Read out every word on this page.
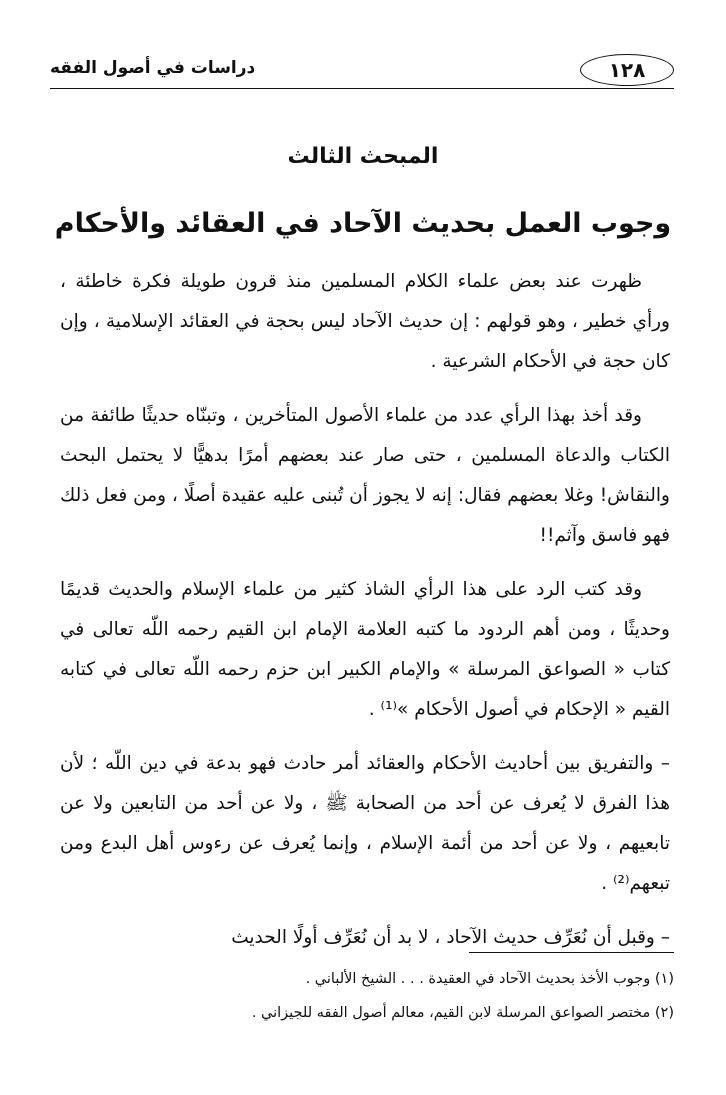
١٢٨
دراسات في أصول الفقه
المبحث الثالث
وجوب العمل بحديث الآحاد في العقائد والأحكام

ظهرت عند بعض علماء الكلام المسلمين منذ قرون طويلة فكرة خاطئة ، ورأي خطير ، وهو قولهم : إن حديث الآحاد ليس بحجة في العقائد الإسلامية ، وإن كان حجة في الأحكام الشرعية .

وقد أخذ بهذا الرأي عدد من علماء الأصول المتأخرين ، وتبنّاه حديثًا طائفة من الكتاب والدعاة المسلمين ، حتى صار عند بعضهم أمرًا بدهيًّا لا يحتمل البحث والنقاش! وغلا بعضهم فقال: إنه لا يجوز أن تُبنى عليه عقيدة أصلًا ، ومن فعل ذلك فهو فاسق وآثم!!

وقد كتب الرد على هذا الرأي الشاذ كثير من علماء الإسلام والحديث قديمًا وحديثًا ، ومن أهم الردود ما كتبه العلامة الإمام ابن القيم رحمه اللّه تعالى في كتاب « الصواعق المرسلة » والإمام الكبير ابن حزم رحمه اللّه تعالى في كتابه القيم « الإحكام في أصول الأحكام »⁽¹⁾ .

– والتفريق بين أحاديث الأحكام والعقائد أمر حادث فهو بدعة في دين اللّه ؛ لأن هذا الفرق لا يُعرف عن أحد من الصحابة ﷺ ، ولا عن أحد من التابعين ولا عن تابعيهم ، ولا عن أحد من أئمة الإسلام ، وإنما يُعرف عن رءوس أهل البدع ومن تبعهم⁽²⁾ .

– وقبل أن نُعَرِّف حديث الآحاد ، لا بد أن نُعَرِّف أولًا الحديث

(١) وجوب الأخذ بحديث الآحاد في العقيدة . . . الشيخ الألباني .

(٢) مختصر الصواعق المرسلة لابن القيم، معالم أصول الفقه للجيزاني .
